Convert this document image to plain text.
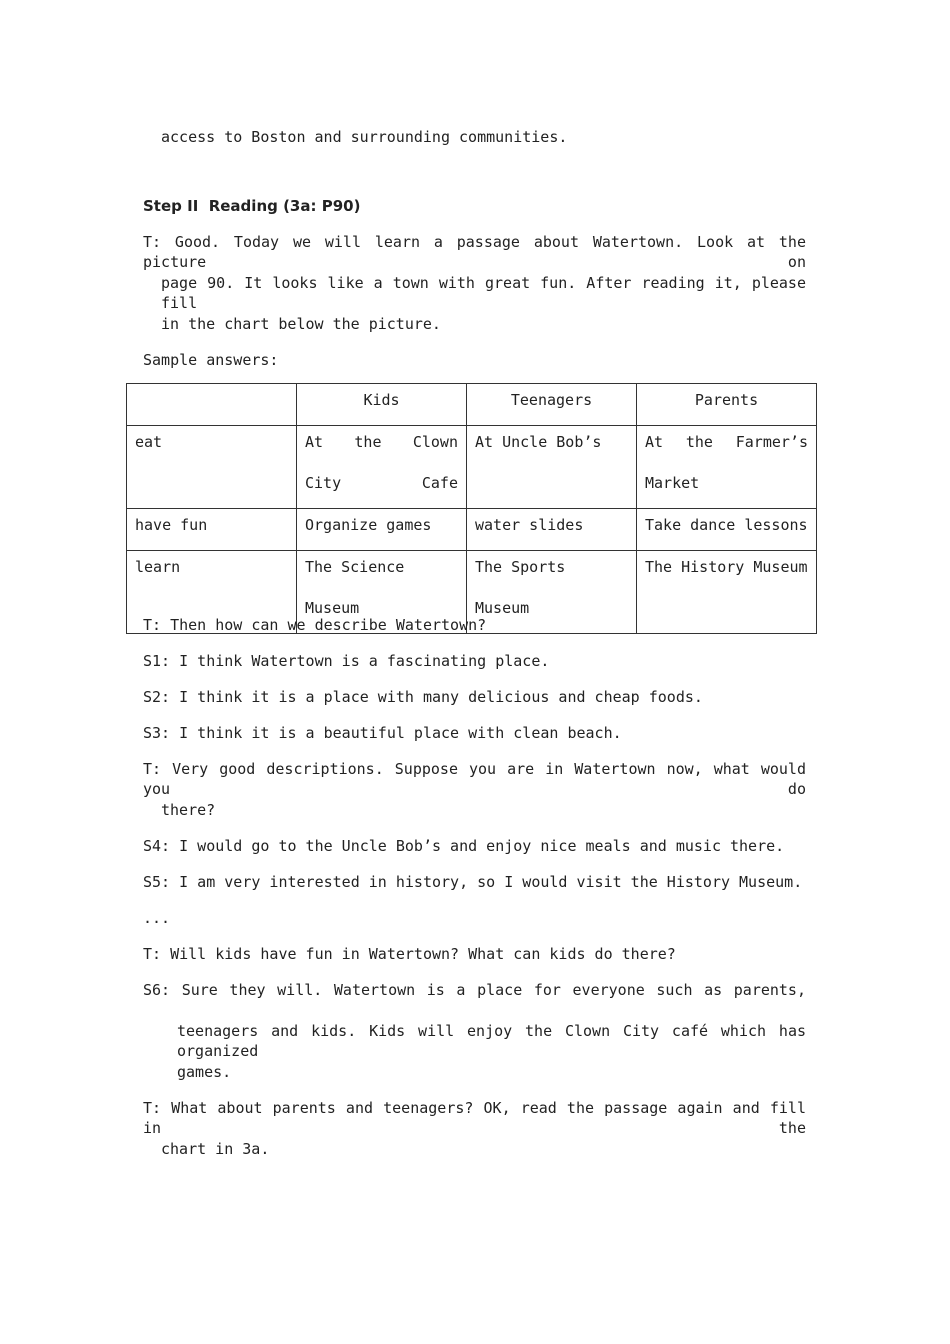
access to Boston and surrounding communities.
Step II  Reading (3a: P90)
T: Good. Today we will learn a passage about Watertown. Look at the picture on
page 90. It looks like a town with great fun. After reading it, please fill
in the chart below the picture.
Sample answers:

	Kids	Teenagers	Parents

eat	At the Clown City Cafe	At Uncle Bob’s	At the Farmer’s Market

have fun	Organize games	water slides	Take dance lessons

learn	The Science Museum	The Sports Museum	The History Museum
T: Then how can we describe Watertown?
S1: I think Watertown is a fascinating place.
S2: I think it is a place with many delicious and cheap foods.
S3: I think it is a beautiful place with clean beach.
T: Very good descriptions. Suppose you are in Watertown now, what would you do
there?
S4: I would go to the Uncle Bob’s and enjoy nice meals and music there.
S5: I am very interested in history, so I would visit the History Museum.
...
T: Will kids have fun in Watertown? What can kids do there?
S6: Sure they will. Watertown is a place for everyone such as parents,
teenagers and kids. Kids will enjoy the Clown City café which has organized
games.
T: What about parents and teenagers? OK, read the passage again and fill in the
chart in 3a.
